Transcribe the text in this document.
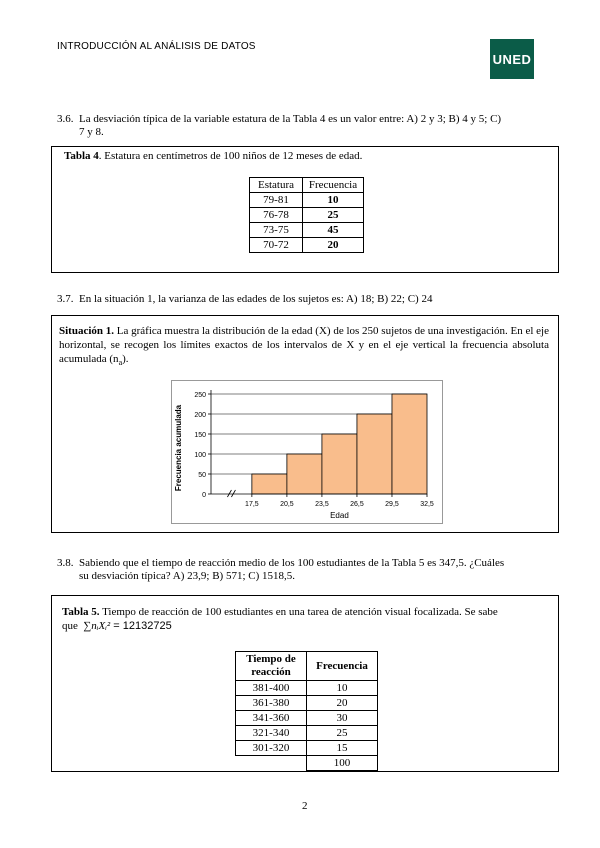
INTRODUCCIÓN AL ANÁLISIS DE DATOS
UNED
3.6. La desviación típica de la variable estatura de la Tabla 4 es un valor entre: A) 2 y 3; B) 4 y 5; C)
7 y 8.
Tabla 4. Estatura en centímetros de 100 niños de 12 meses de edad.
Estatura	Frecuencia
79-81	10
76-78	25
73-75	45
70-72	20
3.7. En la situación 1, la varianza de las edades de los sujetos es: A) 18; B) 22; C) 24
Situación 1. La gráfica muestra la distribución de la edad (X) de los 250 sujetos de una investigación. En el eje horizontal, se recogen los límites exactos de los intervalos de X y en el eje vertical la frecuencia absoluta acumulada $(n_a)$.
0
50
100
150
200
250
17,5	20,5	23,5	26,5	29,5	32,5
Edad
Frecuencia acumulada
3.8. Sabiendo que el tiempo de reacción medio de los 100 estudiantes de la Tabla 5 es 347,5. ¿Cuáles
su desviación típica? A) 23,9; B) 571; C) 1518,5.
Tabla 5. Tiempo de reacción de 100 estudiantes en una tarea de atención visual focalizada. Se sabe
que ∑nᵢXᵢ² = 12132725
Tiempo de reacción	Frecuencia
381-400	10
361-380	20
341-360	30
321-340	25
301-320	15
	100
2
